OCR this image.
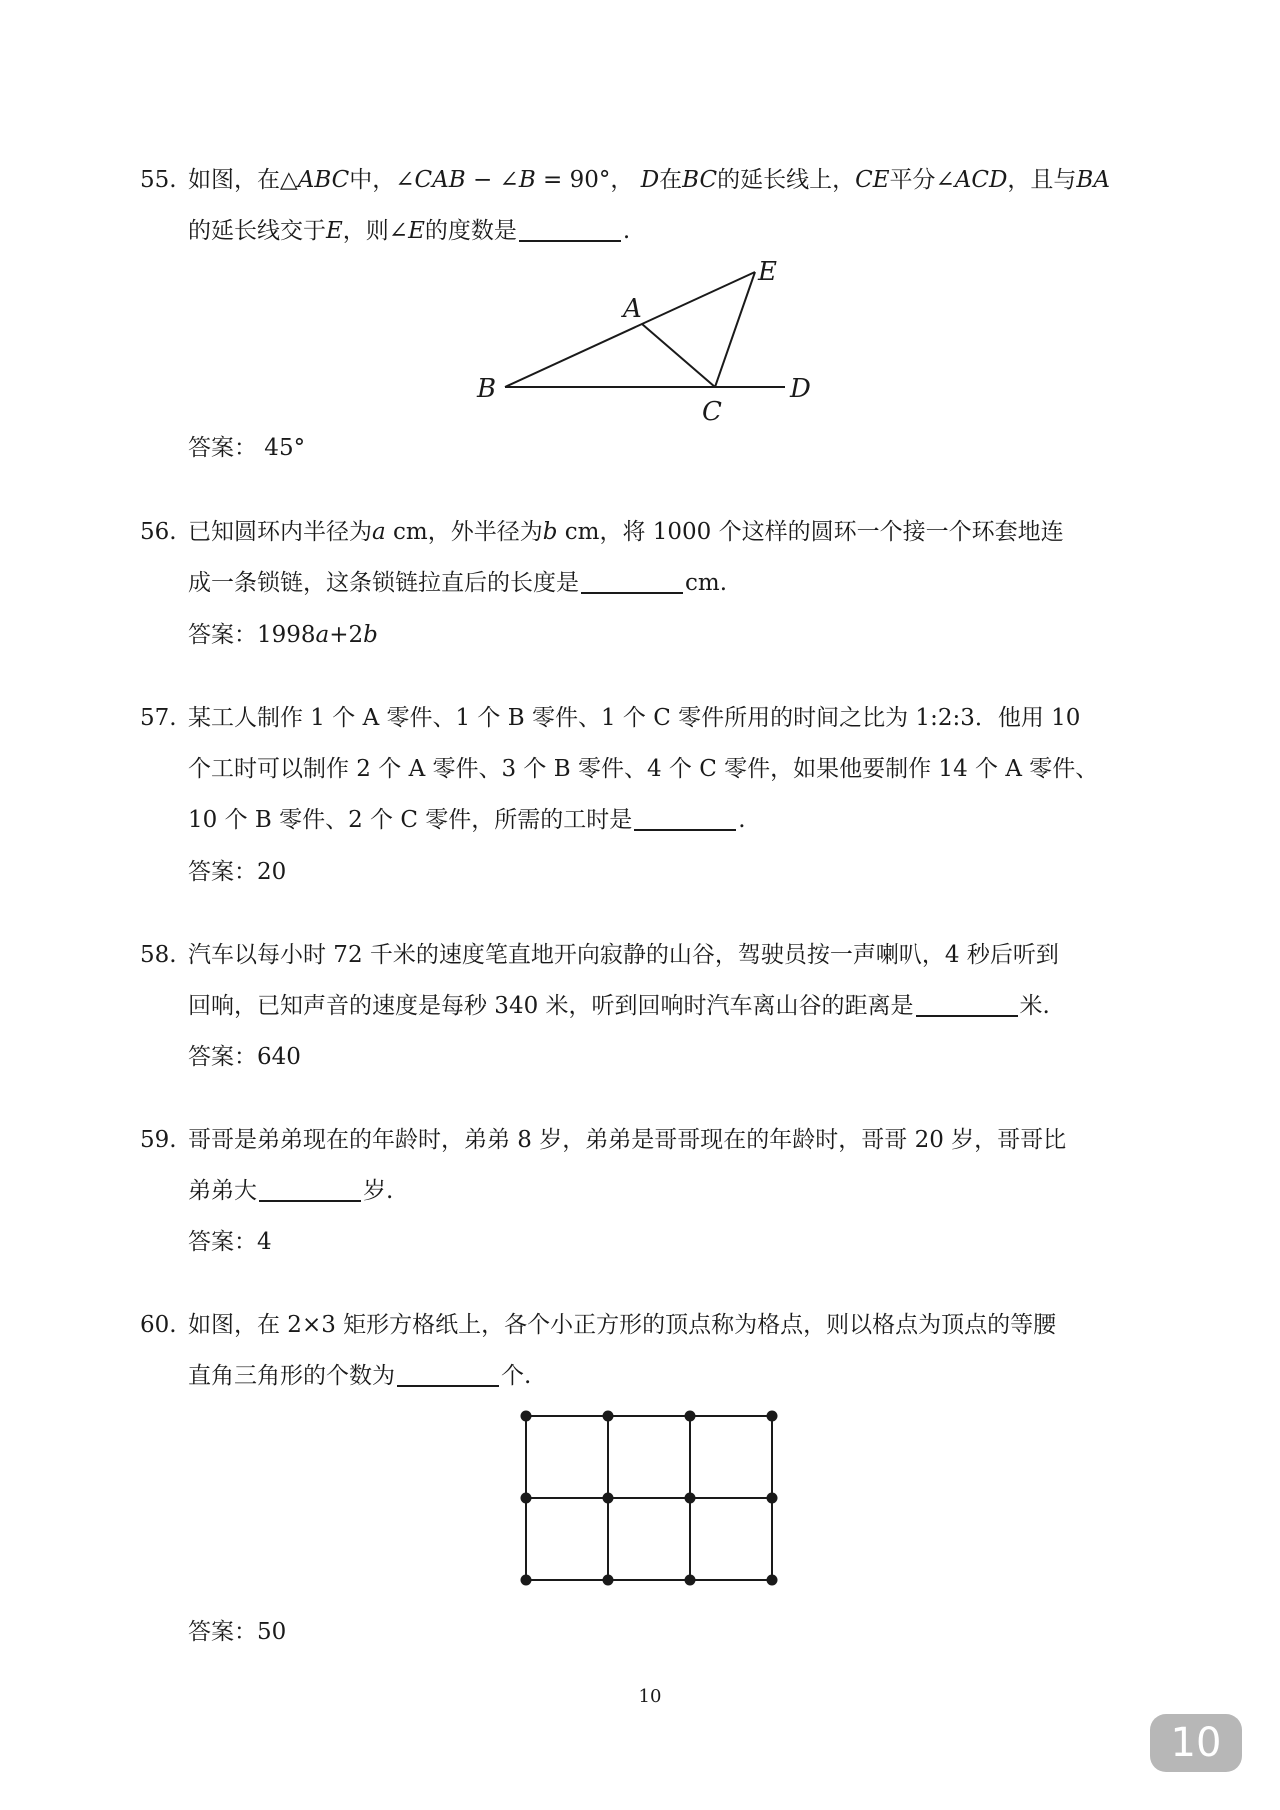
55. 如图，在△ABC中，∠CAB − ∠B = 90°， D在BC的延长线上，CE平分∠ACD，且与BA
的延长线交于E，则∠E的度数是	.
B
A
C
D
E
答案： 45°
56. 已知圆环内半径为a cm，外半径为b cm，将 1000 个这样的圆环一个接一个环套地连
成一条锁链，这条锁链拉直后的长度是	cm.
答案：1998a+2b
57. 某工人制作 1 个 A 零件、1 个 B 零件、1 个 C 零件所用的时间之比为 1:2:3．他用 10
个工时可以制作 2 个 A 零件、3 个 B 零件、4 个 C 零件，如果他要制作 14 个 A 零件、
10 个 B 零件、2 个 C 零件，所需的工时是	.
答案：20
58. 汽车以每小时 72 千米的速度笔直地开向寂静的山谷，驾驶员按一声喇叭，4 秒后听到
回响，已知声音的速度是每秒 340 米，听到回响时汽车离山谷的距离是	米.
答案：640
59. 哥哥是弟弟现在的年龄时，弟弟 8 岁，弟弟是哥哥现在的年龄时，哥哥 20 岁，哥哥比
弟弟大	岁.
答案：4
60. 如图，在 2×3 矩形方格纸上，各个小正方形的顶点称为格点，则以格点为顶点的等腰
直角三角形的个数为	个.
答案：50
10
10
